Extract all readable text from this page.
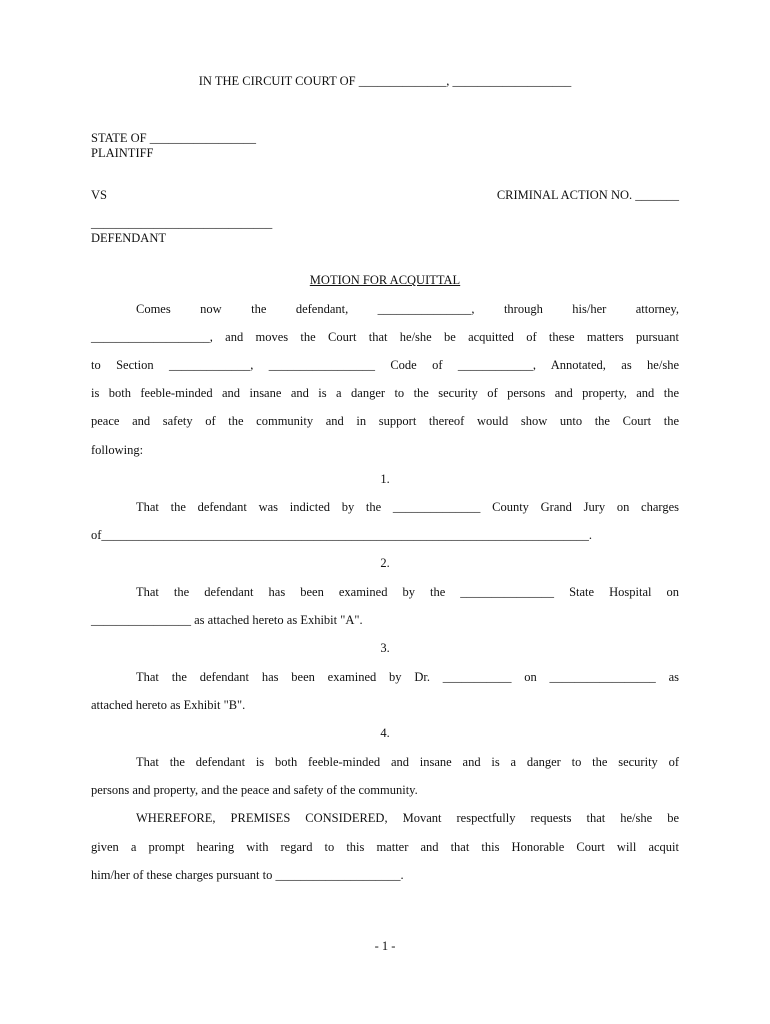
IN THE CIRCUIT COURT OF ______________, ___________________
STATE OF _________________
PLAINTIFF
VS	CRIMINAL ACTION NO. _______
_____________________________
DEFENDANT
MOTION FOR ACQUITTAL
Comes now the defendant, _______________, through his/her attorney,
___________________, and moves the Court that he/she be acquitted of these matters pursuant
to Section _____________, _________________ Code of ____________, Annotated, as he/she
is both feeble-minded and insane and is a danger to the security of persons and property, and the
peace and safety of the community and in support thereof would show unto the Court the
following:
1.
That the defendant was indicted by the ______________ County Grand Jury on charges
of______________________________________________________________________________.
2.
That the defendant has been examined by the _______________ State Hospital on
________________ as attached hereto as Exhibit "A".
3.
That the defendant has been examined by Dr. ___________ on _________________ as
attached hereto as Exhibit "B".
4.
That the defendant is both feeble-minded and insane and is a danger to the security of
persons and property, and the peace and safety of the community.
WHEREFORE, PREMISES CONSIDERED, Movant respectfully requests that he/she be
given a prompt hearing with regard to this matter and that this Honorable Court will acquit
him/her of these charges pursuant to ____________________.
- 1 -
